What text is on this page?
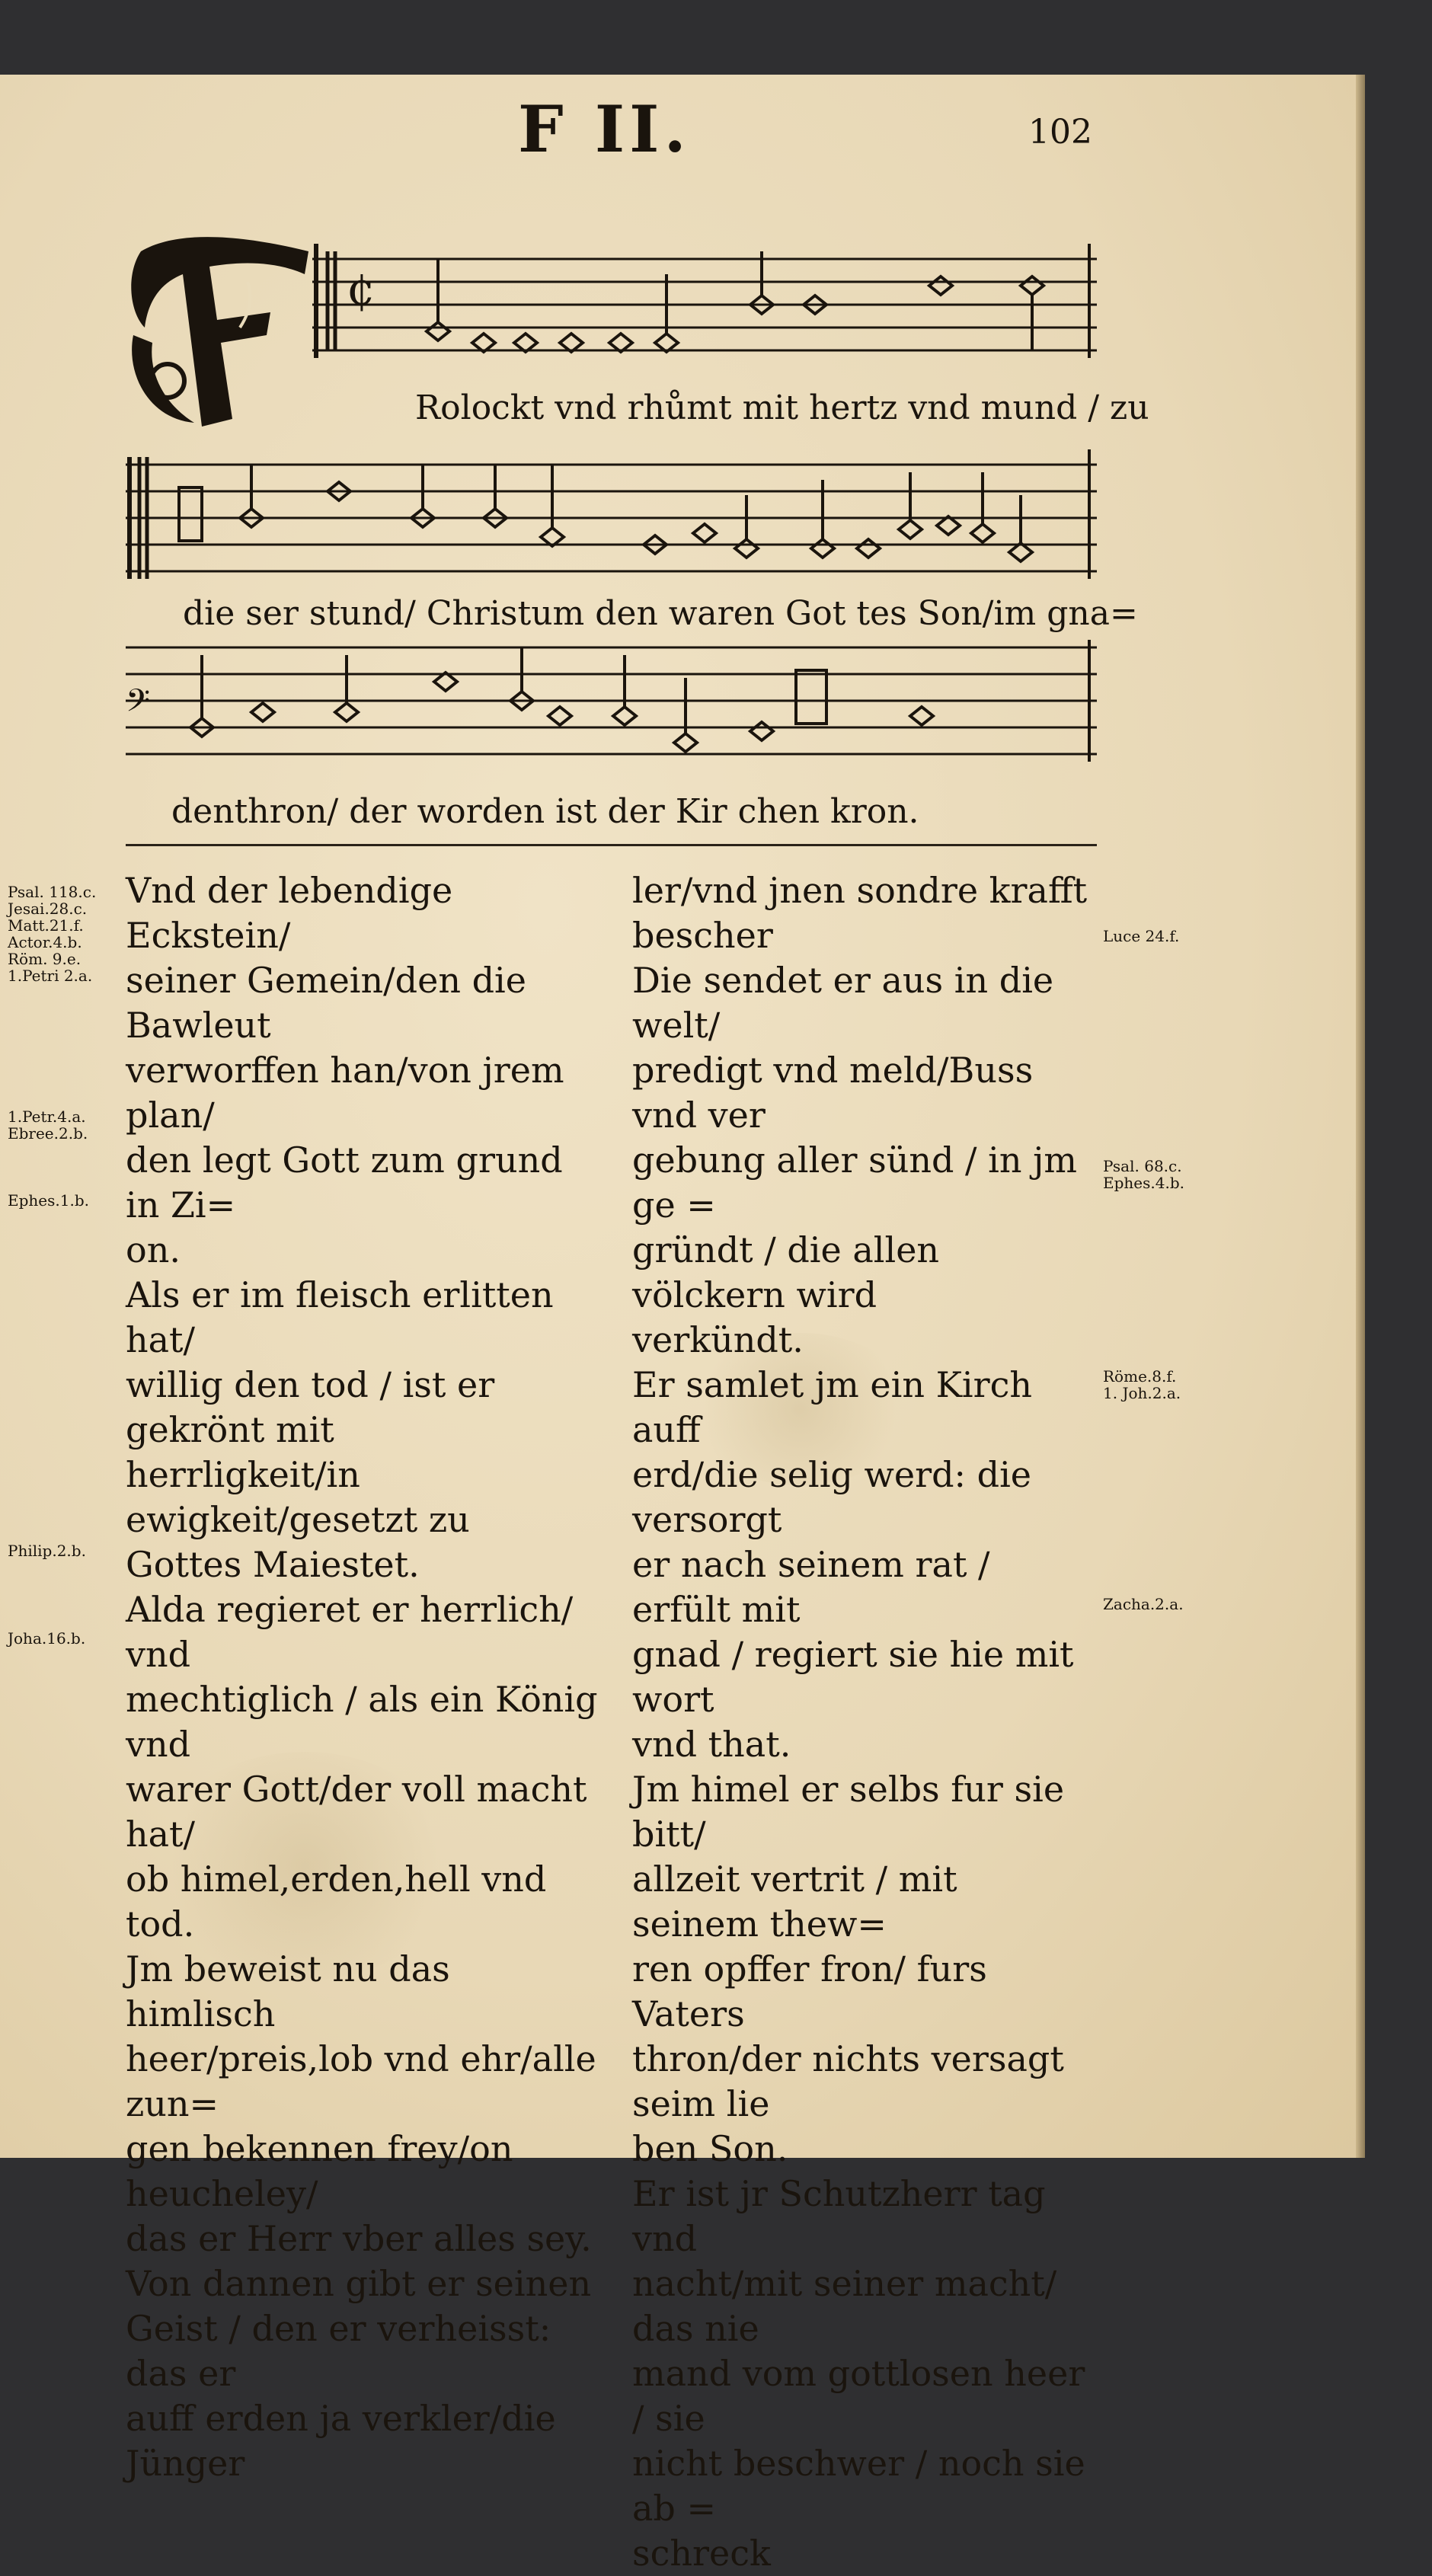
F II.	102
¢
Rolockt vnd rhůmt mit hertz vnd mund / zu
die ser stund/ Christum den waren Got tes Son/im gna=
𝄢
denthron/ der worden ist der Kir chen kron.

Vnd der lebendige Eckstein/

seiner Gemein/den die Bawleut

verworffen han/von jrem plan/

den legt Gott zum grund in Zi=

on.

Als er im fleisch erlitten hat/

willig den tod / ist er gekrönt mit

herrligkeit/in ewigkeit/gesetzt zu

Gottes Maiestet.

Alda regieret er herrlich/ vnd

mechtiglich / als ein König vnd

warer Gott/der voll macht hat/

ob himel,erden,hell vnd tod.

Jm beweist nu das himlisch

heer/preis,lob vnd ehr/alle zun=

gen bekennen frey/on heucheley/

das er Herr vber alles sey.

Von dannen gibt er seinen

Geist / den er verheisst: das er

auff erden ja verkler/die Jünger

ler/vnd jnen sondre krafft bescher

Die sendet er aus in die welt/

predigt vnd meld/Buss vnd ver

gebung aller sünd / in jm ge =

gründt / die allen völckern wird

verkündt.

Er samlet jm ein Kirch auff

erd/die selig werd: die versorgt

er nach seinem rat / erfült mit

gnad / regiert sie hie mit wort

vnd that.

Jm himel er selbs fur sie bitt/

allzeit vertrit / mit seinem thew=

ren opffer fron/ furs Vaters

thron/der nichts versagt seim lie

ben Son.

Er ist jr Schutzherr tag vnd

nacht/mit seiner macht/ das nie

mand vom gottlosen heer / sie

nicht beschwer / noch sie ab =

schreck

Psal. 118.c.
Jesai.28.c.
Matt.21.f.
Actor.4.b.
Röm. 9.e.
1.Petri 2.a.
1.Petr.4.a.
Ebree.2.b.
Ephes.1.b.
Philip.2.b.
Joha.16.b.
Luce 24.f.
Psal. 68.c.
Ephes.4.b.
Röme.8.f.
1. Joh.2.a.
Zacha.2.a.
